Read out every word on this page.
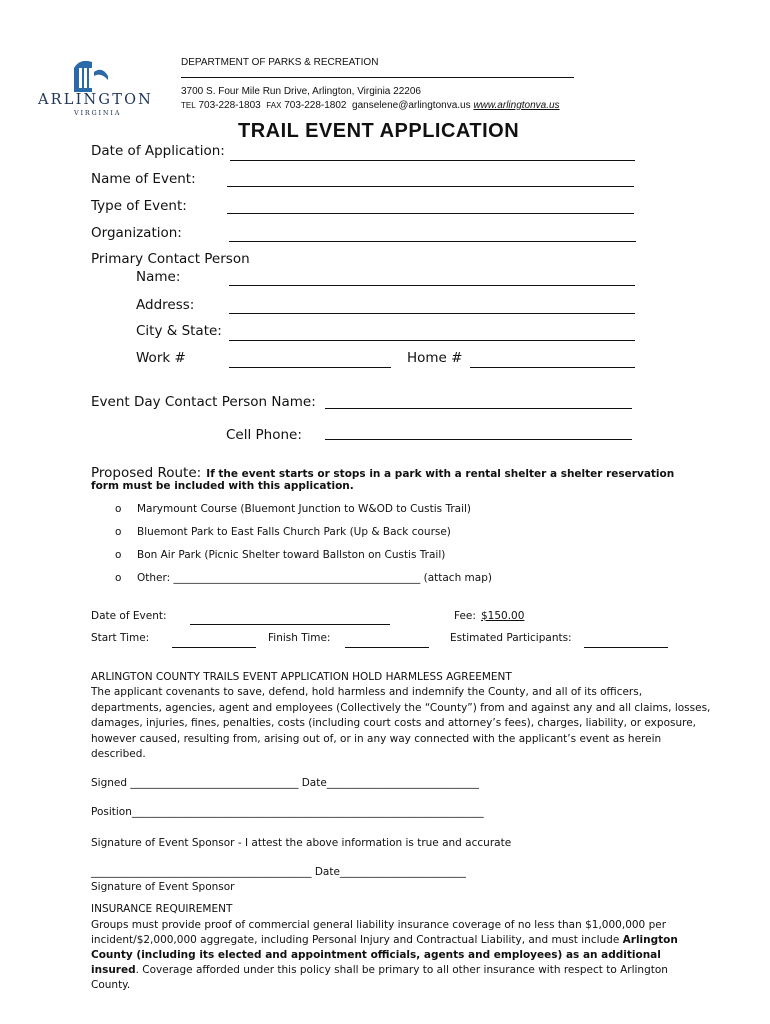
ARLINGTON
VIRGINIA
DEPARTMENT OF PARKS & RECREATION
3700 S. Four Mile Run Drive, Arlington, Virginia 22206
TEL 703-228-1803 FAX 703-228-1802 ganselene@arlingtonva.us www.arlingtonva.us
TRAIL EVENT APPLICATION
Date of Application:
Name of Event:
Type of Event:
Organization:
Primary Contact Person
Name:
Address:
City & State:
Work #	Home #
Event Day Contact Person Name:
Cell Phone:
Proposed Route: If the event starts or stops in a park with a rental shelter a shelter reservation
form must be included with this application.
o Marymount Course (Bluemont Junction to W&OD to Custis Trail)
o Bluemont Park to East Falls Church Park (Up & Back course)
o Bon Air Park (Picnic Shelter toward Ballston on Custis Trail)
o Other: _______________________________________________ (attach map)
Date of Event:	Fee: $150.00
Start Time:	Finish Time:	Estimated Participants:
ARLINGTON COUNTY TRAILS EVENT APPLICATION HOLD HARMLESS AGREEMENT
The applicant covenants to save, defend, hold harmless and indemnify the County, and all of its officers,
departments, agencies, agent and employees (Collectively the “County”) from and against any and all claims, losses,
damages, injuries, fines, penalties, costs (including court costs and attorney’s fees), charges, liability, or exposure,
however caused, resulting from, arising out of, or in any way connected with the applicant’s event as herein
described.
Signed ________________________________ Date_____________________________
Position___________________________________________________________________
Signature of Event Sponsor - I attest the above information is true and accurate
__________________________________________ Date________________________
Signature of Event Sponsor
INSURANCE REQUIREMENT
Groups must provide proof of commercial general liability insurance coverage of no less than $1,000,000 per
incident/$2,000,000 aggregate, including Personal Injury and Contractual Liability, and must include Arlington
County (including its elected and appointment officials, agents and employees) as an additional
insured. Coverage afforded under this policy shall be primary to all other insurance with respect to Arlington
County.
